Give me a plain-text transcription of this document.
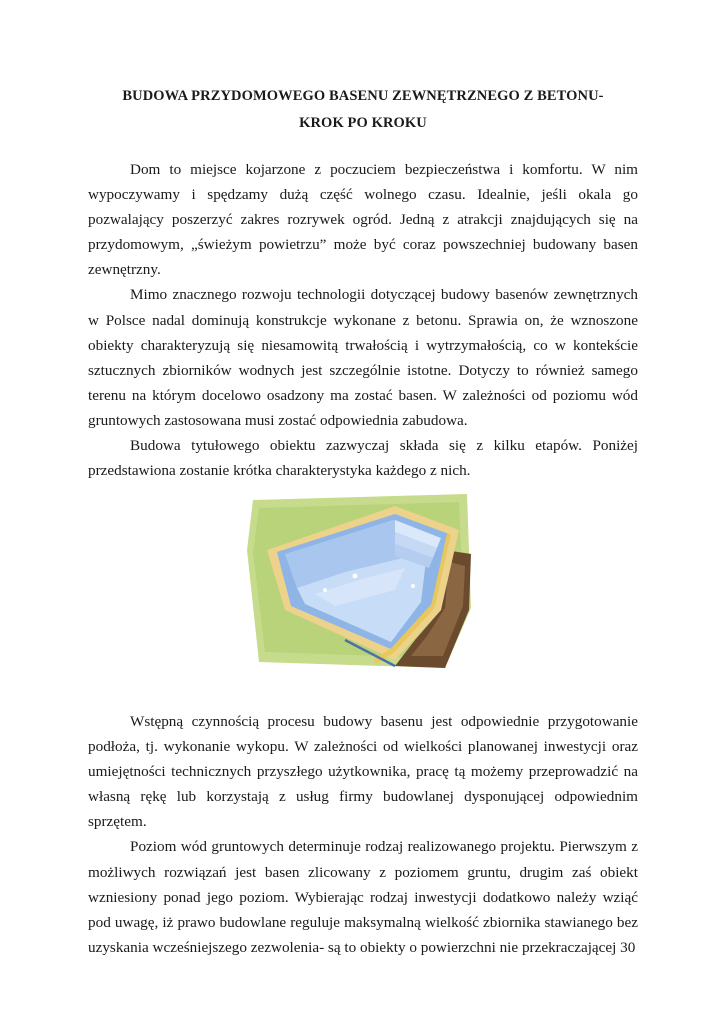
BUDOWA PRZYDOMOWEGO BASENU ZEWNĘTRZNEGO Z BETONU-
KROK PO KROKU

Dom to miejsce kojarzone z poczuciem bezpieczeństwa i komfortu. W nim wypoczywamy i spędzamy dużą część wolnego czasu. Idealnie, jeśli okala go pozwalający poszerzyć zakres rozrywek ogród. Jedną z atrakcji znajdujących się na przydomowym, „świeżym powietrzu” może być coraz powszechniej budowany basen zewnętrzny.

Mimo znacznego rozwoju technologii dotyczącej budowy basenów zewnętrznych w Polsce nadal dominują konstrukcje wykonane z betonu. Sprawia on, że wznoszone obiekty charakteryzują się niesamowitą trwałością i wytrzymałością, co w kontekście sztucznych zbiorników wodnych jest szczególnie istotne. Dotyczy to również samego terenu na którym docelowo osadzony ma zostać basen. W zależności od poziomu wód gruntowych zastosowana musi zostać odpowiednia zabudowa.

Budowa tytułowego obiektu zazwyczaj składa się z kilku etapów. Poniżej przedstawiona zostanie krótka charakterystyka każdego z nich.

Wstępną czynnością procesu budowy basenu jest odpowiednie przygotowanie podłoża, tj. wykonanie wykopu. W zależności od wielkości planowanej inwestycji oraz umiejętności technicznych przyszłego użytkownika, pracę tą możemy przeprowadzić na własną rękę lub korzystają z usług firmy budowlanej dysponującej odpowiednim sprzętem.

Poziom wód gruntowych determinuje rodzaj realizowanego projektu. Pierwszym z możliwych rozwiązań jest basen zlicowany z poziomem gruntu, drugim zaś obiekt wzniesiony ponad jego poziom. Wybierając rodzaj inwestycji dodatkowo należy wziąć pod uwagę, iż prawo budowlane reguluje maksymalną wielkość zbiornika stawianego bez uzyskania wcześniejszego zezwolenia- są to obiekty o powierzchni nie przekraczającej 30
